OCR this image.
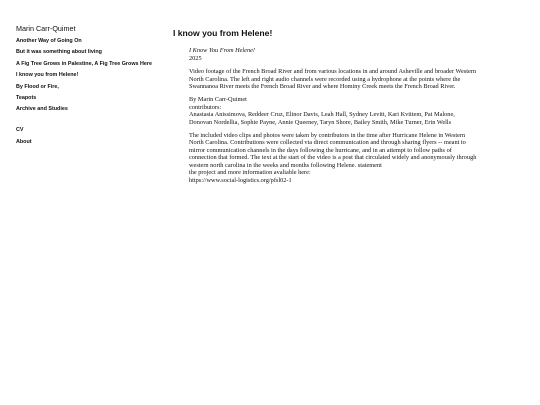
Marin Carr-Quimet
Another Way of Going On
But it was something about living
A Fig Tree Grows in Palestine, A Fig Tree Grows Here
I know you from Helene!
By Flood or Fire,
Teapots
Archive and Studies
CV
About
I know you from Helene!

I Know You From Helene!

2025

Video footage of the French Broad River and from various locations in and around Asheville and broader Western North Carolina. The left and right audio channels were recorded using a hydrophone at the points where the Swannanoa River meets the French Broad River and where Hominy Creek meets the French Broad River.

By Marin Carr-Quimet

contributors:

Anastasia Anissimova, Reddeer Cruz, Elinor Davis, Leah Hall, Sydney Levitt, Kari Kvittem, Pat Malone, Donovan Nordellia, Sophie Payne, Annie Queeney, Taryn Shore, Bailey Smith, Mike Turner, Erin Wells

The included video clips and photos were taken by contributors in the time after Hurricane Helene in Western North Carolina. Contributions were collected via direct communication and through sharing flyers -- meant to mirror communication channels in the days following the hurricane, and in an attempt to follow paths of connection that formed. The text at the start of the video is a post that circulated widely and anonymously through western north carolina in the weeks and months following Helene. statement

the project and more information avaliable here:

https://www.social-logistics.org/pfsl02-1
